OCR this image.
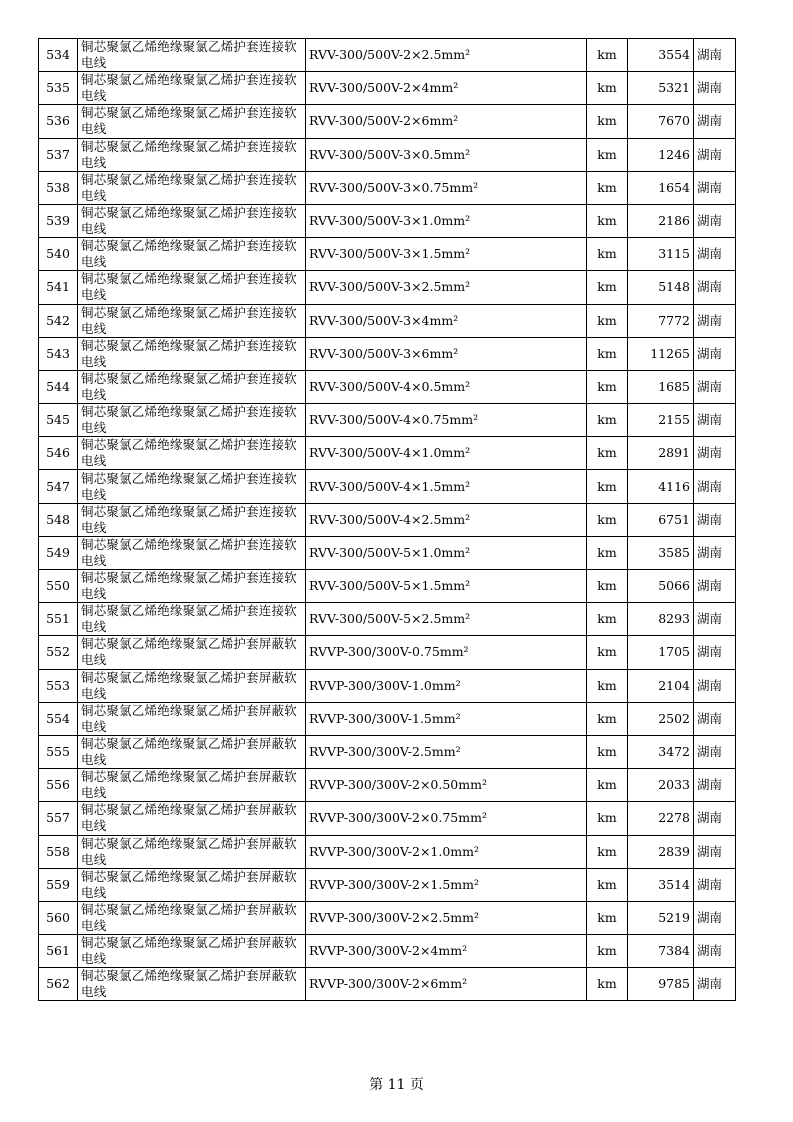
534	铜芯聚氯乙烯绝缘聚氯乙烯护套连接软电线	RVV-300/500V-2×2.5mm²	km	3554	湖南
535	铜芯聚氯乙烯绝缘聚氯乙烯护套连接软电线	RVV-300/500V-2×4mm²	km	5321	湖南
536	铜芯聚氯乙烯绝缘聚氯乙烯护套连接软电线	RVV-300/500V-2×6mm²	km	7670	湖南
537	铜芯聚氯乙烯绝缘聚氯乙烯护套连接软电线	RVV-300/500V-3×0.5mm²	km	1246	湖南
538	铜芯聚氯乙烯绝缘聚氯乙烯护套连接软电线	RVV-300/500V-3×0.75mm²	km	1654	湖南
539	铜芯聚氯乙烯绝缘聚氯乙烯护套连接软电线	RVV-300/500V-3×1.0mm²	km	2186	湖南
540	铜芯聚氯乙烯绝缘聚氯乙烯护套连接软电线	RVV-300/500V-3×1.5mm²	km	3115	湖南
541	铜芯聚氯乙烯绝缘聚氯乙烯护套连接软电线	RVV-300/500V-3×2.5mm²	km	5148	湖南
542	铜芯聚氯乙烯绝缘聚氯乙烯护套连接软电线	RVV-300/500V-3×4mm²	km	7772	湖南
543	铜芯聚氯乙烯绝缘聚氯乙烯护套连接软电线	RVV-300/500V-3×6mm²	km	11265	湖南
544	铜芯聚氯乙烯绝缘聚氯乙烯护套连接软电线	RVV-300/500V-4×0.5mm²	km	1685	湖南
545	铜芯聚氯乙烯绝缘聚氯乙烯护套连接软电线	RVV-300/500V-4×0.75mm²	km	2155	湖南
546	铜芯聚氯乙烯绝缘聚氯乙烯护套连接软电线	RVV-300/500V-4×1.0mm²	km	2891	湖南
547	铜芯聚氯乙烯绝缘聚氯乙烯护套连接软电线	RVV-300/500V-4×1.5mm²	km	4116	湖南
548	铜芯聚氯乙烯绝缘聚氯乙烯护套连接软电线	RVV-300/500V-4×2.5mm²	km	6751	湖南
549	铜芯聚氯乙烯绝缘聚氯乙烯护套连接软电线	RVV-300/500V-5×1.0mm²	km	3585	湖南
550	铜芯聚氯乙烯绝缘聚氯乙烯护套连接软电线	RVV-300/500V-5×1.5mm²	km	5066	湖南
551	铜芯聚氯乙烯绝缘聚氯乙烯护套连接软电线	RVV-300/500V-5×2.5mm²	km	8293	湖南
552	铜芯聚氯乙烯绝缘聚氯乙烯护套屏蔽软电线	RVVP-300/300V-0.75mm²	km	1705	湖南
553	铜芯聚氯乙烯绝缘聚氯乙烯护套屏蔽软电线	RVVP-300/300V-1.0mm²	km	2104	湖南
554	铜芯聚氯乙烯绝缘聚氯乙烯护套屏蔽软电线	RVVP-300/300V-1.5mm²	km	2502	湖南
555	铜芯聚氯乙烯绝缘聚氯乙烯护套屏蔽软电线	RVVP-300/300V-2.5mm²	km	3472	湖南
556	铜芯聚氯乙烯绝缘聚氯乙烯护套屏蔽软电线	RVVP-300/300V-2×0.50mm²	km	2033	湖南
557	铜芯聚氯乙烯绝缘聚氯乙烯护套屏蔽软电线	RVVP-300/300V-2×0.75mm²	km	2278	湖南
558	铜芯聚氯乙烯绝缘聚氯乙烯护套屏蔽软电线	RVVP-300/300V-2×1.0mm²	km	2839	湖南
559	铜芯聚氯乙烯绝缘聚氯乙烯护套屏蔽软电线	RVVP-300/300V-2×1.5mm²	km	3514	湖南
560	铜芯聚氯乙烯绝缘聚氯乙烯护套屏蔽软电线	RVVP-300/300V-2×2.5mm²	km	5219	湖南
561	铜芯聚氯乙烯绝缘聚氯乙烯护套屏蔽软电线	RVVP-300/300V-2×4mm²	km	7384	湖南
562	铜芯聚氯乙烯绝缘聚氯乙烯护套屏蔽软电线	RVVP-300/300V-2×6mm²	km	9785	湖南
第 11 页
